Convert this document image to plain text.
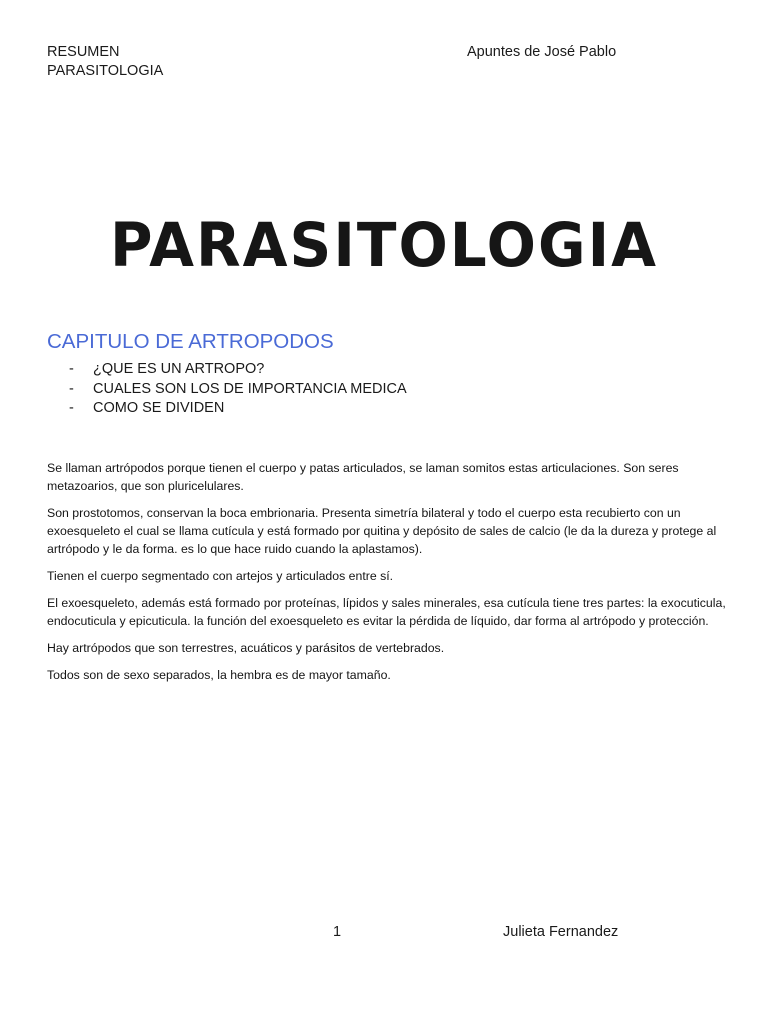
RESUMEN
PARASITOLOGIA
Apuntes de José Pablo
PARASITOLOGIA
CAPITULO DE ARTROPODOS
- ¿QUE ES UN ARTROPO?
- CUALES SON LOS DE IMPORTANCIA MEDICA
- COMO SE DIVIDEN

Se llaman artrópodos porque tienen el cuerpo y patas articulados, se laman somitos estas articulaciones. Son seres metazoarios, que son pluricelulares.

Son prostotomos, conservan la boca embrionaria. Presenta simetría bilateral y todo el cuerpo esta recubierto con un exoesqueleto el cual se llama cutícula y está formado por quitina y depósito de sales de calcio (le da la dureza y protege al artrópodo y le da forma. es lo que hace ruido cuando la aplastamos).

Tienen el cuerpo segmentado con artejos y articulados entre sí.

El exoesqueleto, además está formado por proteínas, lípidos y sales minerales, esa cutícula tiene tres partes: la exocuticula, endocuticula y epicuticula. la función del exoesqueleto es evitar la pérdida de líquido, dar forma al artrópodo y protección.

Hay artrópodos que son terrestres, acuáticos y parásitos de vertebrados.

Todos son de sexo separados, la hembra es de mayor tamaño.

1	Julieta Fernandez
